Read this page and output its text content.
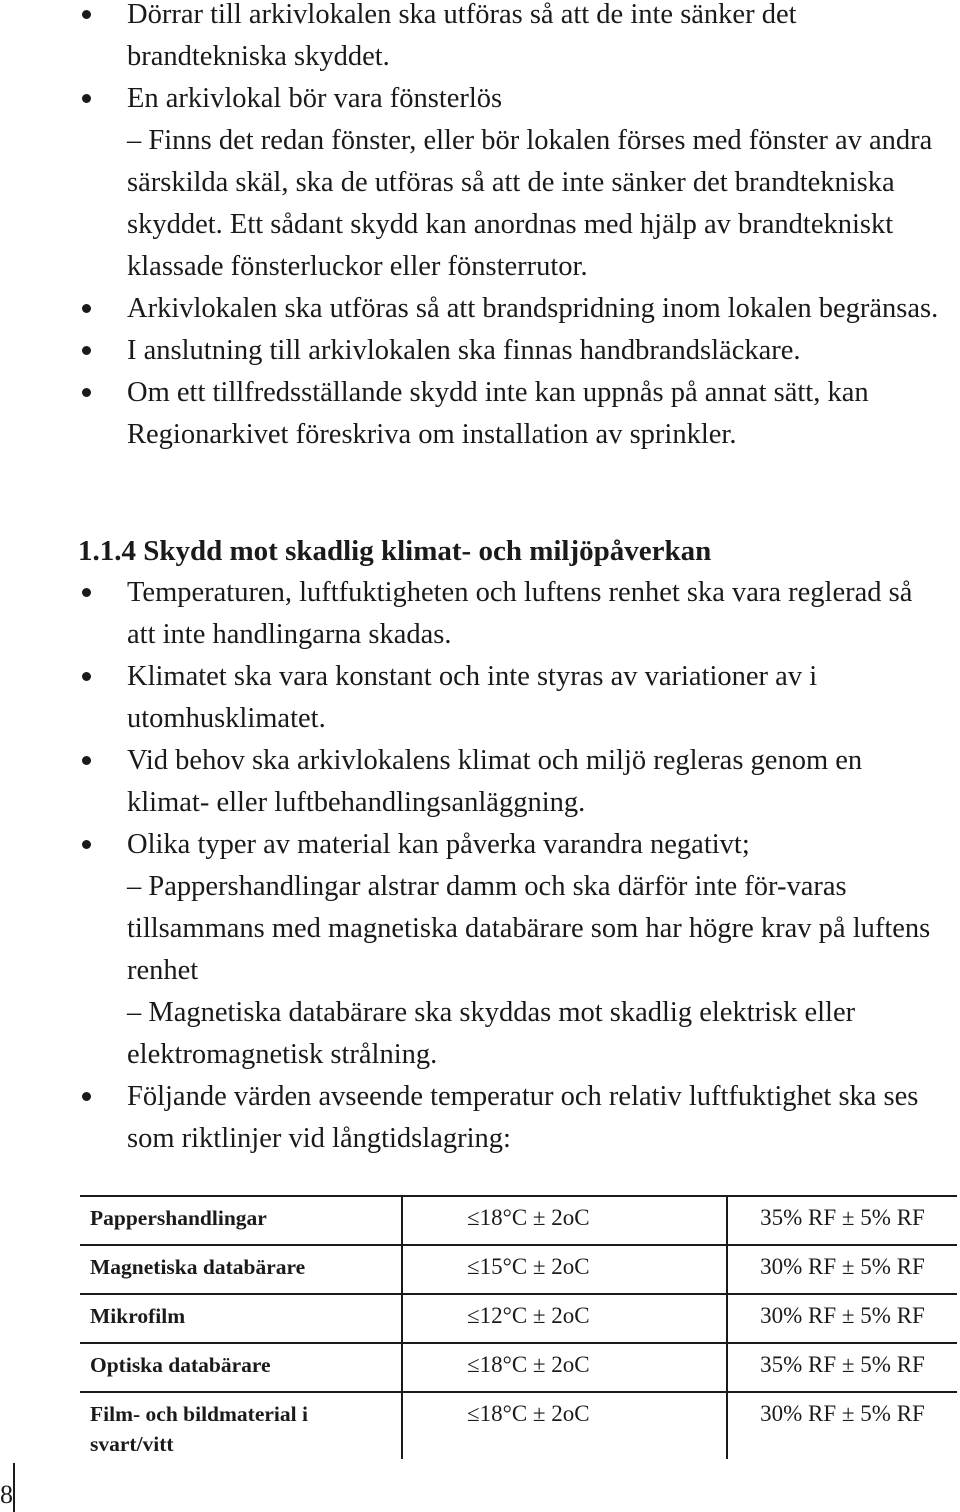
Dörrar till arkivlokalen ska utföras så att de inte sänker det brandtekniska skyddet.
En arkivlokal bör vara fönsterlös
– Finns det redan fönster, eller bör lokalen förses med fönster av andra särskilda skäl, ska de utföras så att de inte sänker det brandtekniska skyddet. Ett sådant skydd kan anordnas med hjälp av brandtekniskt klassade fönsterluckor eller fönsterrutor.
Arkivlokalen ska utföras så att brandspridning inom lokalen begränsas.
I anslutning till arkivlokalen ska finnas handbrandsläckare.
Om ett tillfredsställande skydd inte kan uppnås på annat sätt, kan Regionarkivet föreskriva om installation av sprinkler.
1.1.4 Skydd mot skadlig klimat- och miljöpåverkan
Temperaturen, luftfuktigheten och luftens renhet ska vara reglerad så att inte handlingarna skadas.
Klimatet ska vara konstant och inte styras av variationer av i utomhusklimatet.
Vid behov ska arkivlokalens klimat och miljö regleras genom en klimat- eller luftbehandlingsanläggning.
Olika typer av material kan påverka varandra negativt;
– Pappershandlingar alstrar damm och ska därför inte för-varas tillsammans med magnetiska databärare som har högre krav på luftens renhet
– Magnetiska databärare ska skyddas mot skadlig elektrisk eller elektromagnetisk strålning.
Följande värden avseende temperatur och relativ luftfuktighet ska ses som riktlinjer vid långtidslagring:
Pappershandlingar	≤18°C ± 2oC	35% RF ± 5% RF
Magnetiska databärare	≤15°C ± 2oC	30% RF ± 5% RF
Mikrofilm	≤12°C ± 2oC	30% RF ± 5% RF
Optiska databärare	≤18°C ± 2oC	35% RF ± 5% RF
Film- och bildmaterial i svart/vitt	≤18°C ± 2oC	30% RF ± 5% RF
8
